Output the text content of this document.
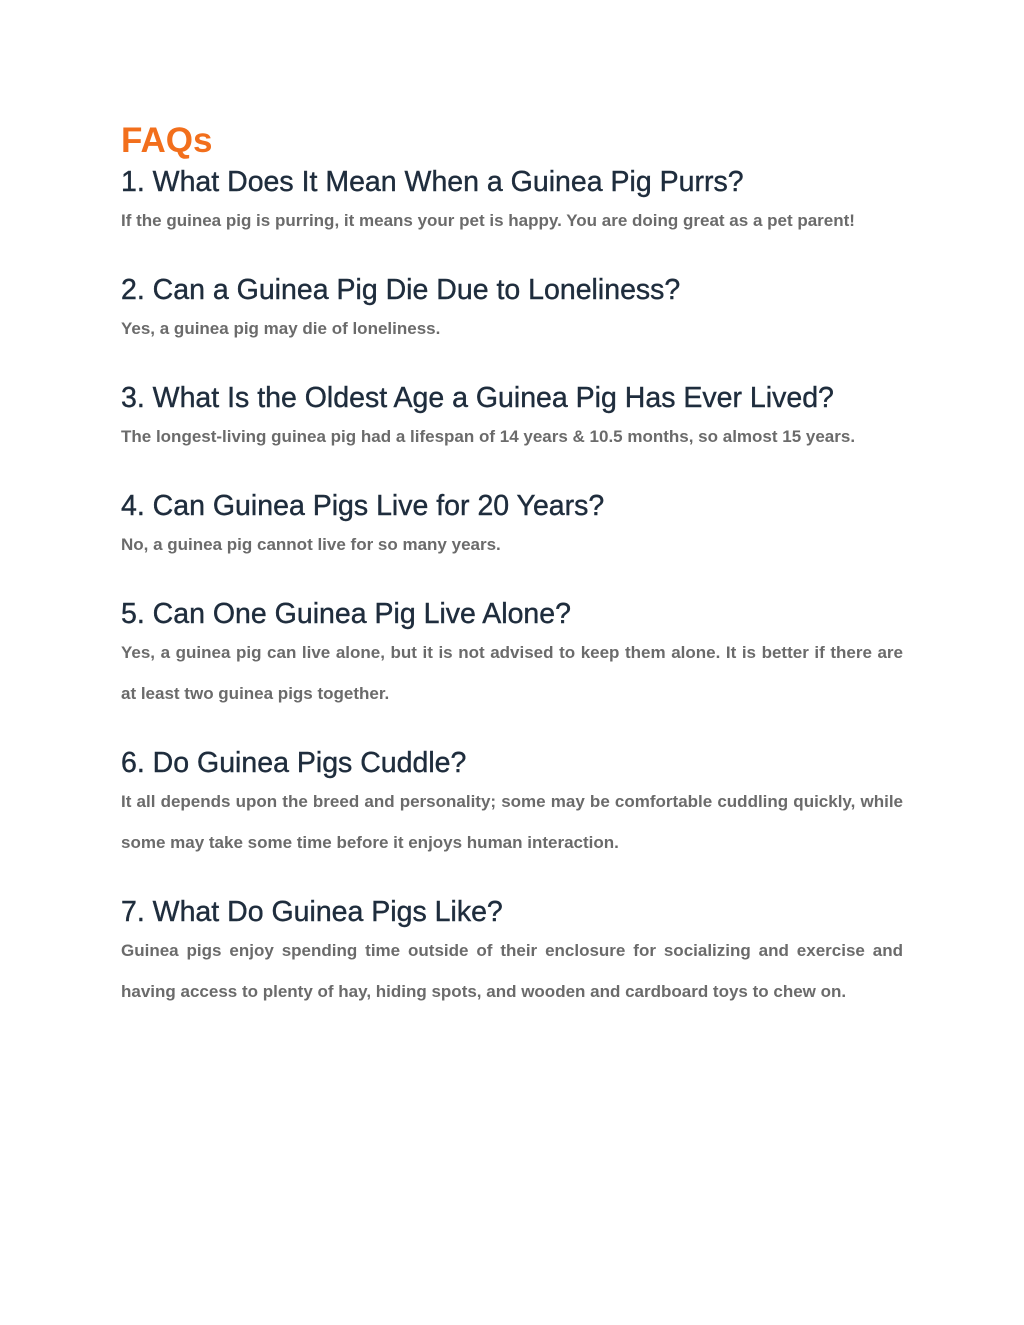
FAQs
1. What Does It Mean When a Guinea Pig Purrs?

If the guinea pig is purring, it means your pet is happy. You are doing great as a pet parent!

2. Can a Guinea Pig Die Due to Loneliness?

Yes, a guinea pig may die of loneliness.

3. What Is the Oldest Age a Guinea Pig Has Ever Lived?

The longest-living guinea pig had a lifespan of 14 years & 10.5 months, so almost 15 years.

4. Can Guinea Pigs Live for 20 Years?

No, a guinea pig cannot live for so many years.

5. Can One Guinea Pig Live Alone?

Yes, a guinea pig can live alone, but it is not advised to keep them alone. It is better if there are at least two guinea pigs together.

6. Do Guinea Pigs Cuddle?

It all depends upon the breed and personality; some may be comfortable cuddling quickly, while some may take some time before it enjoys human interaction.

7. What Do Guinea Pigs Like?

Guinea pigs enjoy spending time outside of their enclosure for socializing and exercise and having access to plenty of hay, hiding spots, and wooden and cardboard toys to chew on.
